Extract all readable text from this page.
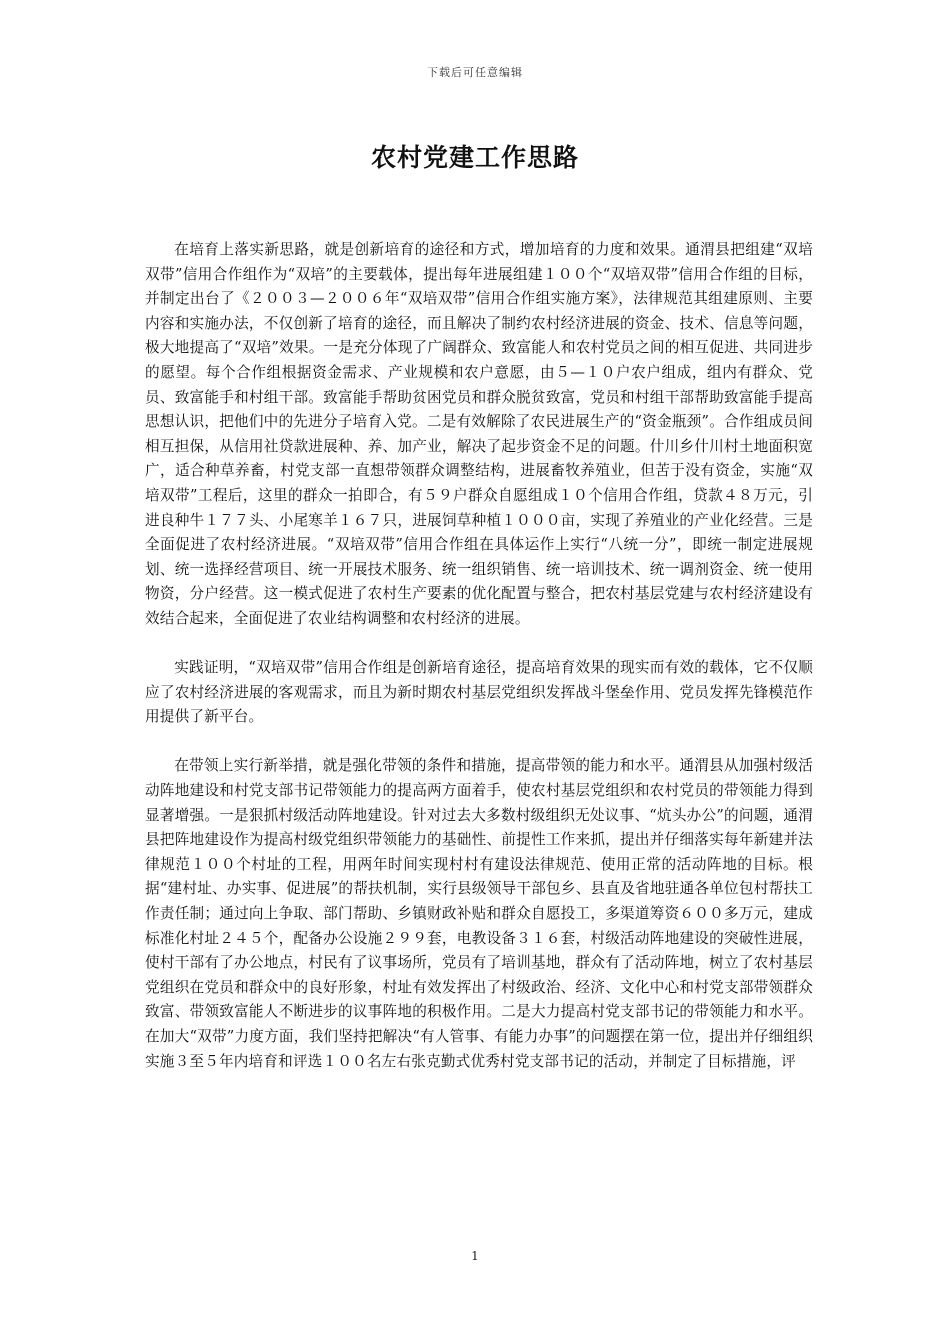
下载后可任意编辑
农村党建工作思路

在培育上落实新思路，就是创新培育的途径和方式，增加培育的力度和效果。通渭县把组建“双培双带”信用合作组作为“双培”的主要载体，提出每年进展组建１００个“双培双带”信用合作组的目标，并制定出台了《２００３—２００６年“双培双带”信用合作组实施方案》，法律规范其组建原则、主要内容和实施办法，不仅创新了培育的途径，而且解决了制约农村经济进展的资金、技术、信息等问题，极大地提高了“双培”效果。一是充分体现了广阔群众、致富能人和农村党员之间的相互促进、共同进步的愿望。每个合作组根据资金需求、产业规模和农户意愿，由５—１０户农户组成，组内有群众、党员、致富能手和村组干部。致富能手帮助贫困党员和群众脱贫致富，党员和村组干部帮助致富能手提高思想认识，把他们中的先进分子培育入党。二是有效解除了农民进展生产的“资金瓶颈”。合作组成员间相互担保，从信用社贷款进展种、养、加产业，解决了起步资金不足的问题。什川乡什川村土地面积宽广，适合种草养畜，村党支部一直想带领群众调整结构，进展畜牧养殖业，但苦于没有资金，实施“双培双带”工程后，这里的群众一拍即合，有５９户群众自愿组成１０个信用合作组，贷款４８万元，引进良种牛１７７头、小尾寒羊１６７只，进展饲草种植１０００亩，实现了养殖业的产业化经营。三是全面促进了农村经济进展。“双培双带”信用合作组在具体运作上实行“八统一分”，即统一制定进展规划、统一选择经营项目、统一开展技术服务、统一组织销售、统一培训技术、统一调剂资金、统一使用物资，分户经营。这一模式促进了农村生产要素的优化配置与整合，把农村基层党建与农村经济建设有效结合起来，全面促进了农业结构调整和农村经济的进展。

实践证明，“双培双带”信用合作组是创新培育途径，提高培育效果的现实而有效的载体，它不仅顺应了农村经济进展的客观需求，而且为新时期农村基层党组织发挥战斗堡垒作用、党员发挥先锋模范作用提供了新平台。

在带领上实行新举措，就是强化带领的条件和措施，提高带领的能力和水平。通渭县从加强村级活动阵地建设和村党支部书记带领能力的提高两方面着手，使农村基层党组织和农村党员的带领能力得到显著增强。一是狠抓村级活动阵地建设。针对过去大多数村级组织无处议事、“炕头办公”的问题，通渭县把阵地建设作为提高村级党组织带领能力的基础性、前提性工作来抓，提出并仔细落实每年新建并法律规范１００个村址的工程，用两年时间实现村村有建设法律规范、使用正常的活动阵地的目标。根据“建村址、办实事、促进展”的帮扶机制，实行县级领导干部包乡、县直及省地驻通各单位包村帮扶工作责任制；通过向上争取、部门帮助、乡镇财政补贴和群众自愿投工，多渠道筹资６００多万元，建成标准化村址２４５个，配备办公设施２９９套，电教设备３１６套，村级活动阵地建设的突破性进展，使村干部有了办公地点，村民有了议事场所，党员有了培训基地，群众有了活动阵地，树立了农村基层党组织在党员和群众中的良好形象，村址有效发挥出了村级政治、经济、文化中心和村党支部带领群众致富、带领致富能人不断进步的议事阵地的积极作用。二是大力提高村党支部书记的带领能力和水平。在加大“双带”力度方面，我们坚持把解决“有人管事、有能力办事”的问题摆在第一位，提出并仔细组织实施３至５年内培育和评选１００名左右张克勤式优秀村党支部书记的活动，并制定了目标措施，评

1
